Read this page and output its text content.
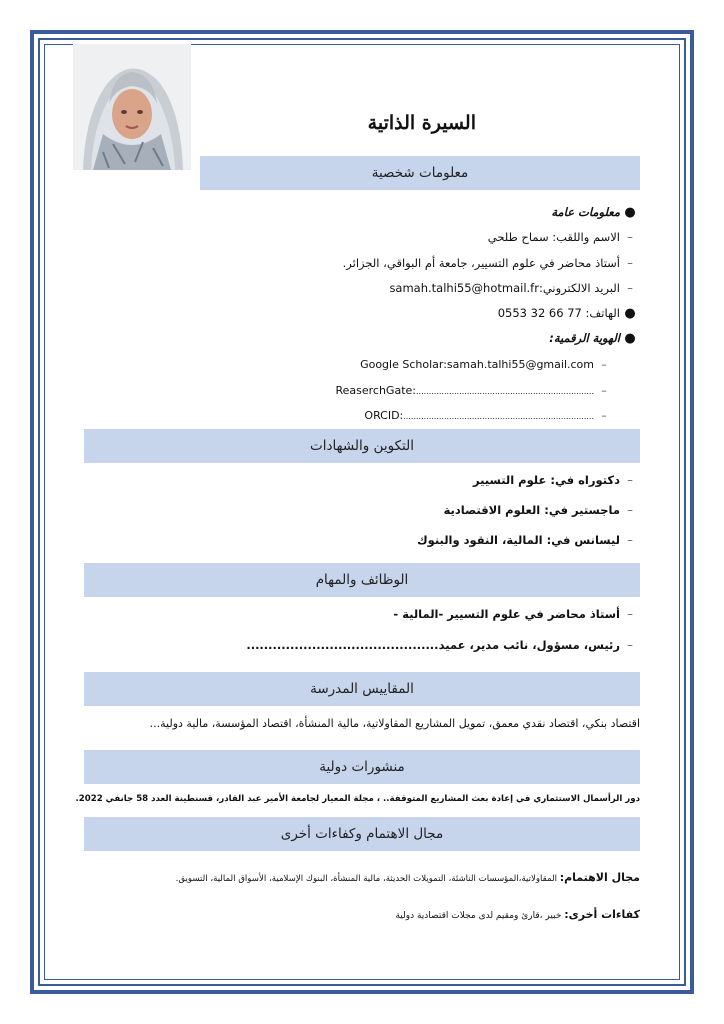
السيرة الذاتية
معلومات شخصية
●معلومات عامة
–الاسم واللقب: سماح طلحي
–أستاذ محاضر في علوم التسيير، جامعة أم البواقي، الجزائر.
–البريد الالكتروني:samah.talhi55@hotmail.fr
●الهاتف: 0553 32 66 77
●الهوية الرقمية:
–Google Scholar:samah.talhi55@gmail.com
–ReaserchGate:......................................................................
–ORCID:...........................................................................
التكوين والشهادات
–دكتوراه في: علوم التسيير
–ماجستير في: العلوم الاقتصادية
–ليسانس في: المالية، النقود والبنوك
الوظائف والمهام
–أستاذ محاضر في علوم التسيير -المالية -
–رئيس، مسؤول، نائب مدير، عميد............................................
المقاييس المدرسة
اقتصاد بنكي، اقتصاد نقدي معمق، تمويل المشاريع المقاولاتية، مالية المنشأة، اقتصاد المؤسسة، مالية دولية...
منشورات دولية
دور الرأسمال الاستثماري في إعادة بعث المشاريع المتوقفة.. ، مجلة المعيار لجامعة الأمير عبد القادر، قسنطينة العدد 58 جانفي 2022.
مجال الاهتمام وكفاءات أخرى
مجال الاهتمام: المقاولاتية،المؤسسات الناشئة، التمويلات الحديثة، مالية المنشأة، البنوك الإسلامية، الأسواق المالية، التسويق.
كفاءات أخرى: خبير ،قارئ ومقيم لدى مجلات اقتصادية دولية
